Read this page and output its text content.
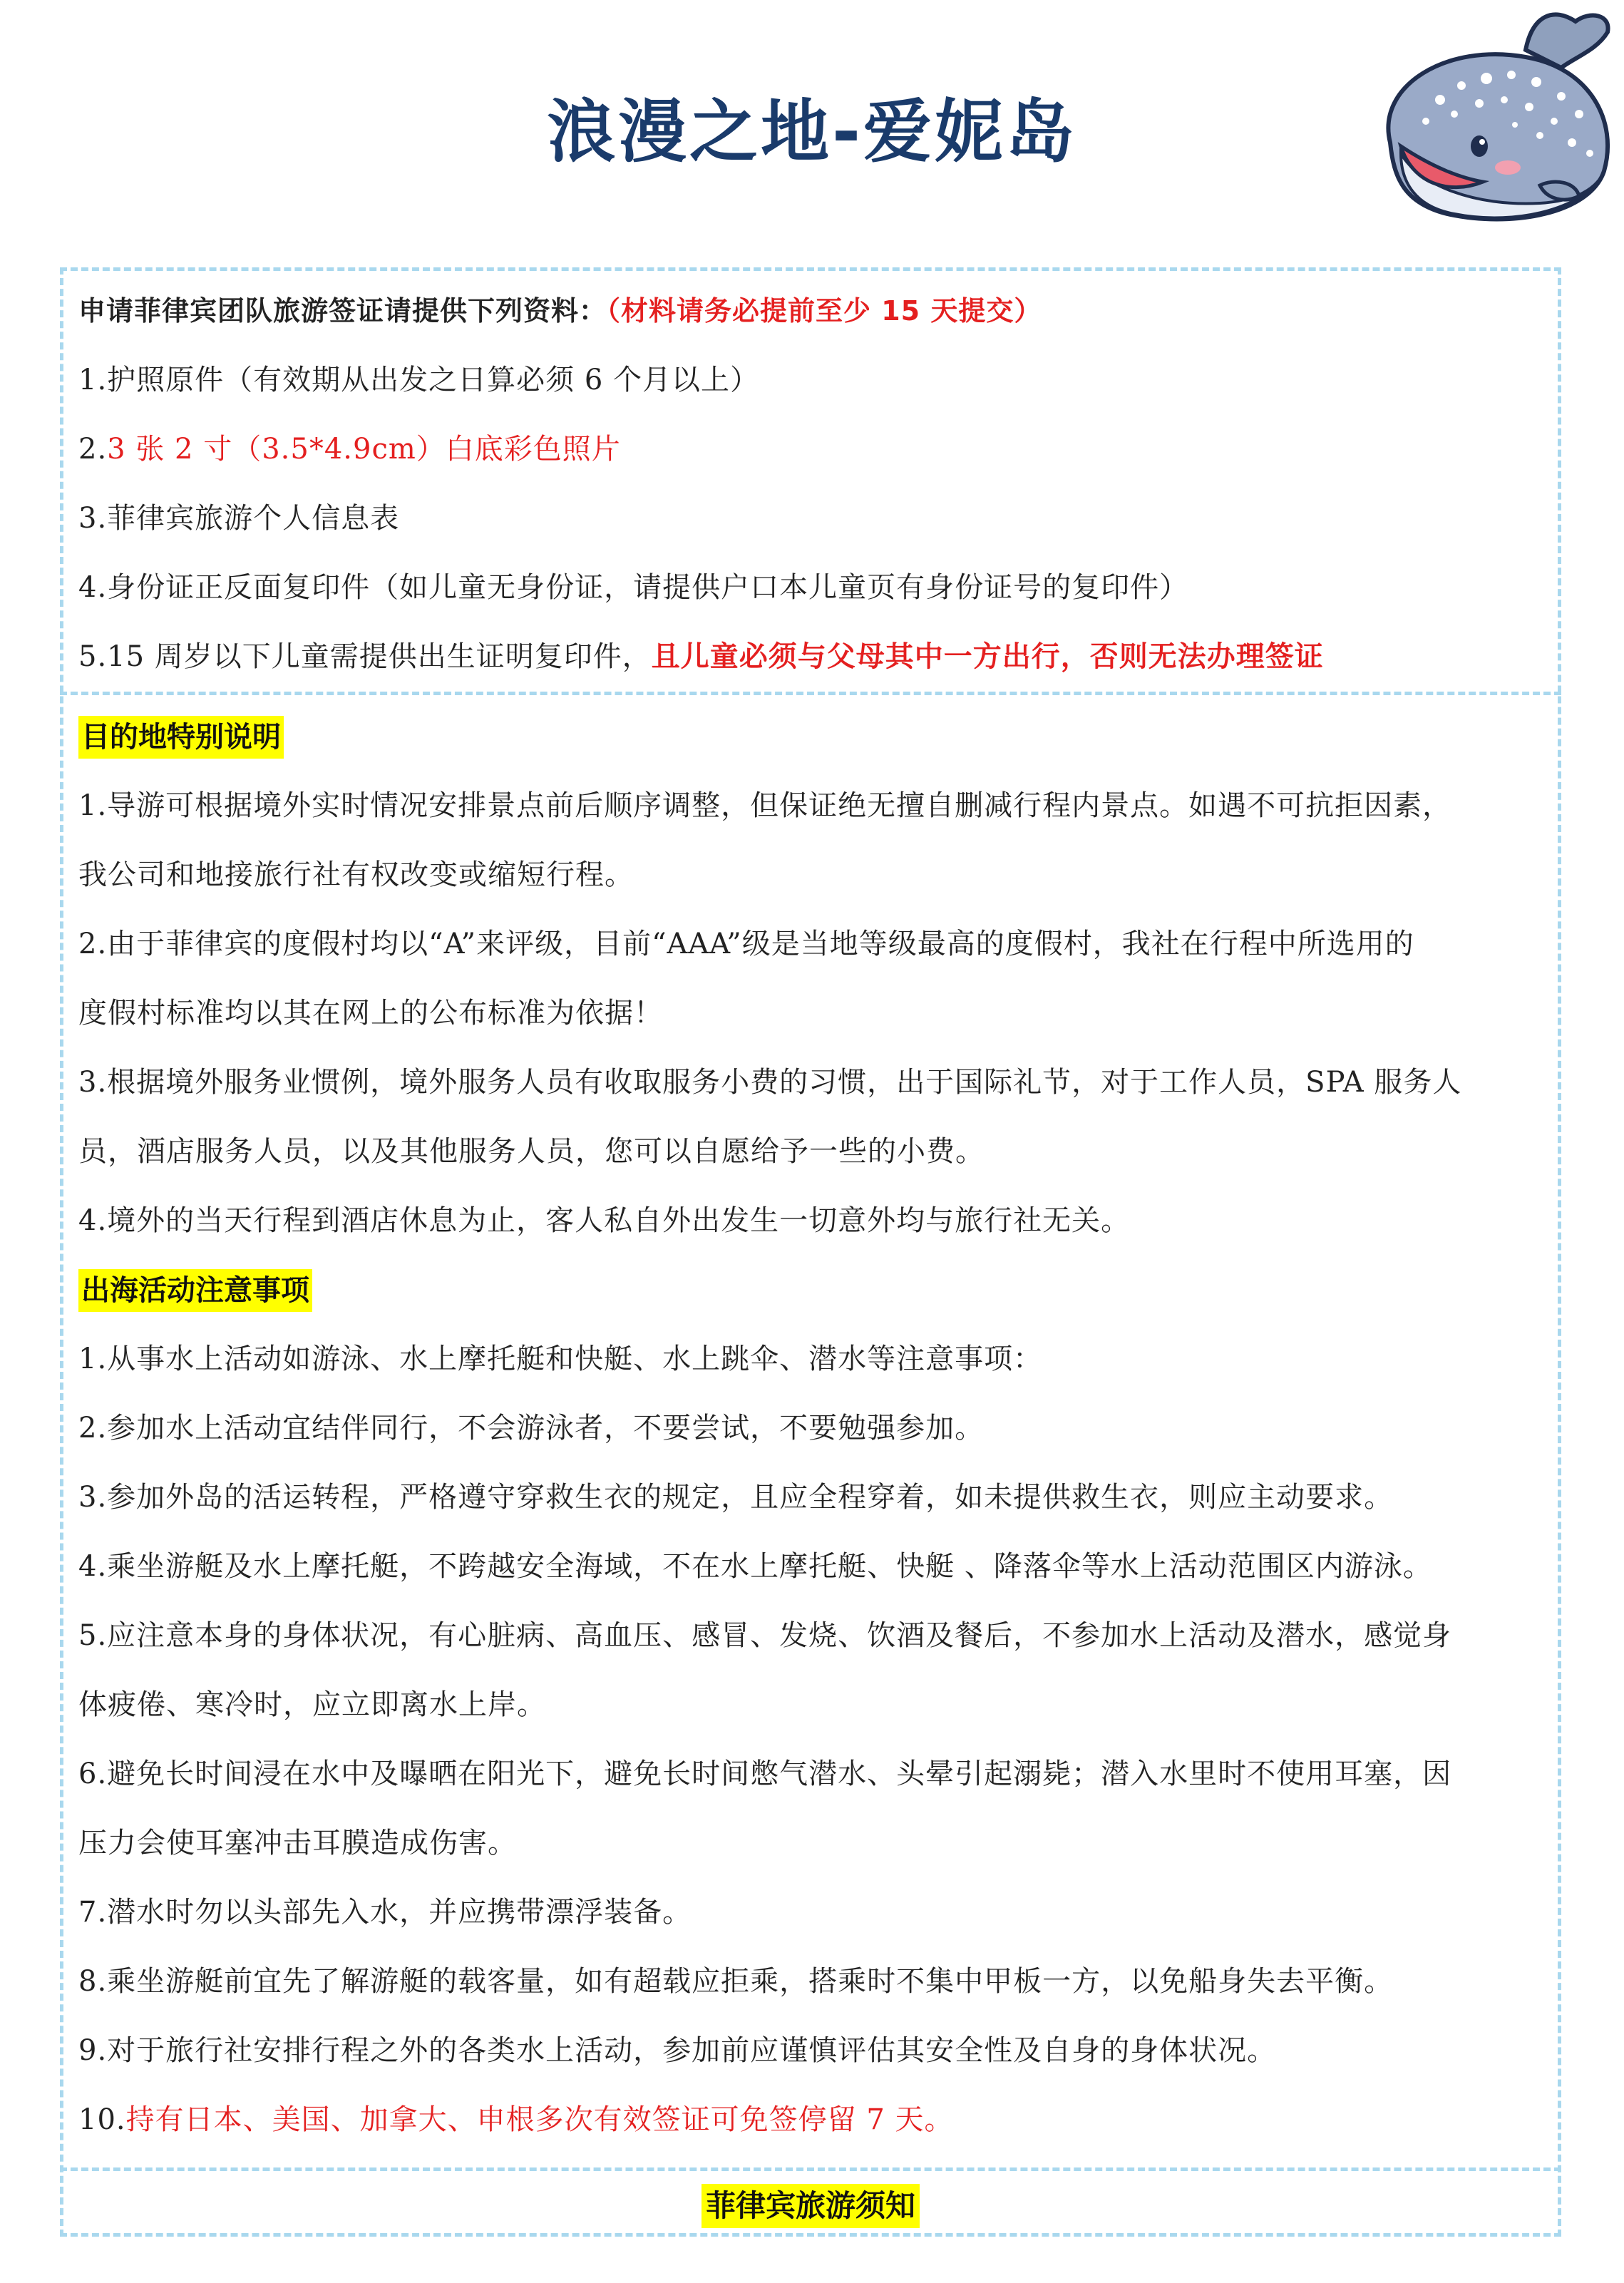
浪漫之地-爱妮岛
申请菲律宾团队旅游签证请提供下列资料：（材料请务必提前至少 15 天提交）
1.护照原件（有效期从出发之日算必须 6 个月以上）
2.3 张 2 寸（3.5*4.9cm）白底彩色照片
3.菲律宾旅游个人信息表
4.身份证正反面复印件（如儿童无身份证，请提供户口本儿童页有身份证号的复印件）
5.15 周岁以下儿童需提供出生证明复印件，且儿童必须与父母其中一方出行，否则无法办理签证
目的地特别说明
1.导游可根据境外实时情况安排景点前后顺序调整，但保证绝无擅自删减行程内景点。如遇不可抗拒因素，
我公司和地接旅行社有权改变或缩短行程。
2.由于菲律宾的度假村均以“A”来评级，目前“AAA”级是当地等级最高的度假村，我社在行程中所选用的
度假村标准均以其在网上的公布标准为依据！
3.根据境外服务业惯例，境外服务人员有收取服务小费的习惯，出于国际礼节，对于工作人员，SPA 服务人
员，酒店服务人员，以及其他服务人员，您可以自愿给予一些的小费。
4.境外的当天行程到酒店休息为止，客人私自外出发生一切意外均与旅行社无关。
出海活动注意事项
1.从事水上活动如游泳、水上摩托艇和快艇、水上跳伞、潜水等注意事项：
2.参加水上活动宜结伴同行，不会游泳者，不要尝试，不要勉强参加。
3.参加外岛的活运转程，严格遵守穿救生衣的规定，且应全程穿着，如未提供救生衣，则应主动要求。
4.乘坐游艇及水上摩托艇，不跨越安全海域，不在水上摩托艇、快艇 、降落伞等水上活动范围区内游泳。
5.应注意本身的身体状况，有心脏病、高血压、感冒、发烧、饮酒及餐后，不参加水上活动及潜水，感觉身
体疲倦、寒冷时，应立即离水上岸。
6.避免长时间浸在水中及曝晒在阳光下，避免长时间憋气潜水、头晕引起溺毙；潜入水里时不使用耳塞，因
压力会使耳塞冲击耳膜造成伤害。
7.潜水时勿以头部先入水，并应携带漂浮装备。
8.乘坐游艇前宜先了解游艇的载客量，如有超载应拒乘，搭乘时不集中甲板一方，以免船身失去平衡。
9.对于旅行社安排行程之外的各类水上活动，参加前应谨慎评估其安全性及自身的身体状况。
10.持有日本、美国、加拿大、申根多次有效签证可免签停留 7 天。
菲律宾旅游须知
